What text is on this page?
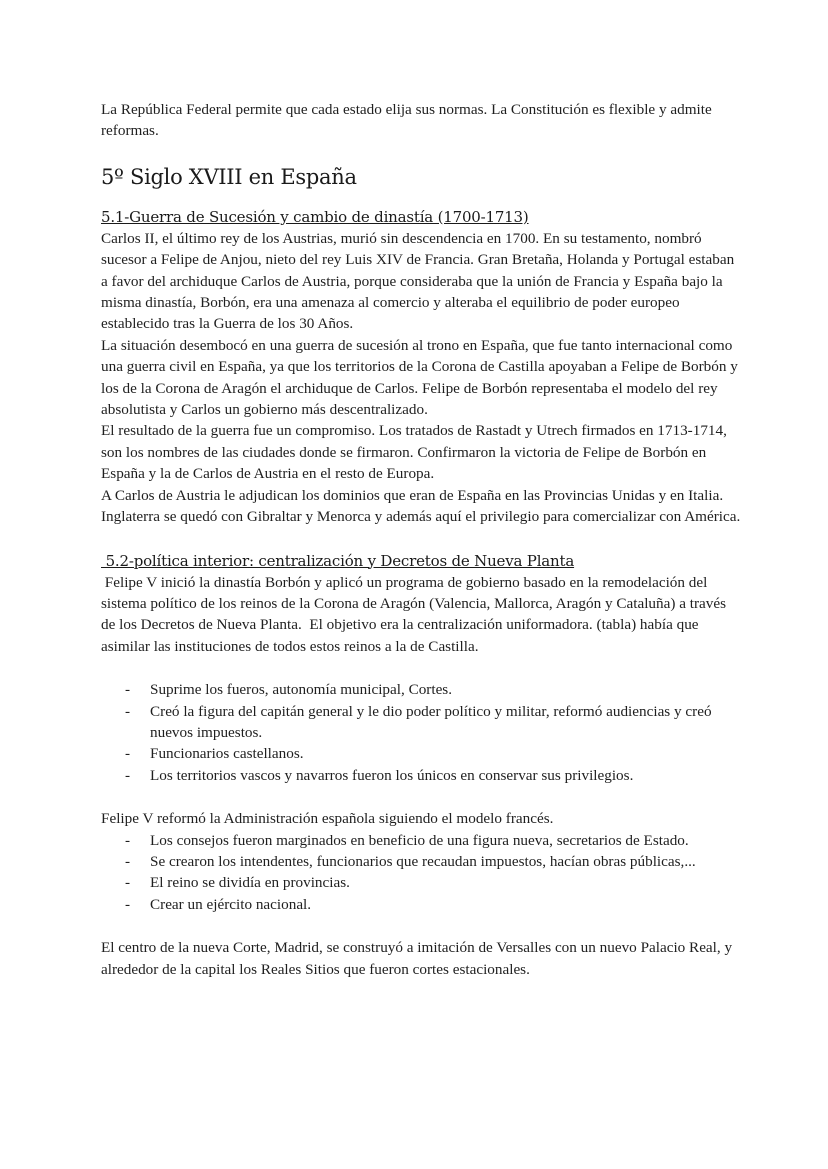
La República Federal permite que cada estado elija sus normas. La Constitución es flexible y admite reformas.

5º Siglo XVIII en España
5.1-Guerra de Sucesión y cambio de dinastía (1700-1713)

Carlos II, el último rey de los Austrias, murió sin descendencia en 1700. En su testamento, nombró sucesor a Felipe de Anjou, nieto del rey Luis XIV de Francia. Gran Bretaña, Holanda y Portugal estaban a favor del archiduque Carlos de Austria, porque consideraba que la unión de Francia y España bajo la misma dinastía, Borbón, era una amenaza al comercio y alteraba el equilibrio de poder europeo establecido tras la Guerra de los 30 Años.

La situación desembocó en una guerra de sucesión al trono en España, que fue tanto internacional como una guerra civil en España, ya que los territorios de la Corona de Castilla apoyaban a Felipe de Borbón y los de la Corona de Aragón el archiduque de Carlos. Felipe de Borbón representaba el modelo del rey absolutista y Carlos un gobierno más descentralizado.

El resultado de la guerra fue un compromiso. Los tratados de Rastadt y Utrech firmados en 1713-1714, son los nombres de las ciudades donde se firmaron. Confirmaron la victoria de Felipe de Borbón en España y la de Carlos de Austria en el resto de Europa.

A Carlos de Austria le adjudican los dominios que eran de España en las Provincias Unidas y en Italia. Inglaterra se quedó con Gibraltar y Menorca y además aquí el privilegio para comercializar con América.

5.2-política interior: centralización y Decretos de Nueva Planta

Felipe V inició la dinastía Borbón y aplicó un programa de gobierno basado en la remodelación del sistema político de los reinos de la Corona de Aragón (Valencia, Mallorca, Aragón y Cataluña) a través de los Decretos de Nueva Planta.  El objetivo era la centralización uniformadora. (tabla) había que asimilar las instituciones de todos estos reinos a la de Castilla.

- Suprime los fueros, autonomía municipal, Cortes.
- Creó la figura del capitán general y le dio poder político y militar, reformó audiencias y creó nuevos impuestos.
- Funcionarios castellanos.
- Los territorios vascos y navarros fueron los únicos en conservar sus privilegios.

Felipe V reformó la Administración española siguiendo el modelo francés.

- Los consejos fueron marginados en beneficio de una figura nueva, secretarios de Estado.
- Se crearon los intendentes, funcionarios que recaudan impuestos, hacían obras públicas,...
- El reino se dividía en provincias.
- Crear un ejército nacional.

El centro de la nueva Corte, Madrid, se construyó a imitación de Versalles con un nuevo Palacio Real, y alrededor de la capital los Reales Sitios que fueron cortes estacionales.
